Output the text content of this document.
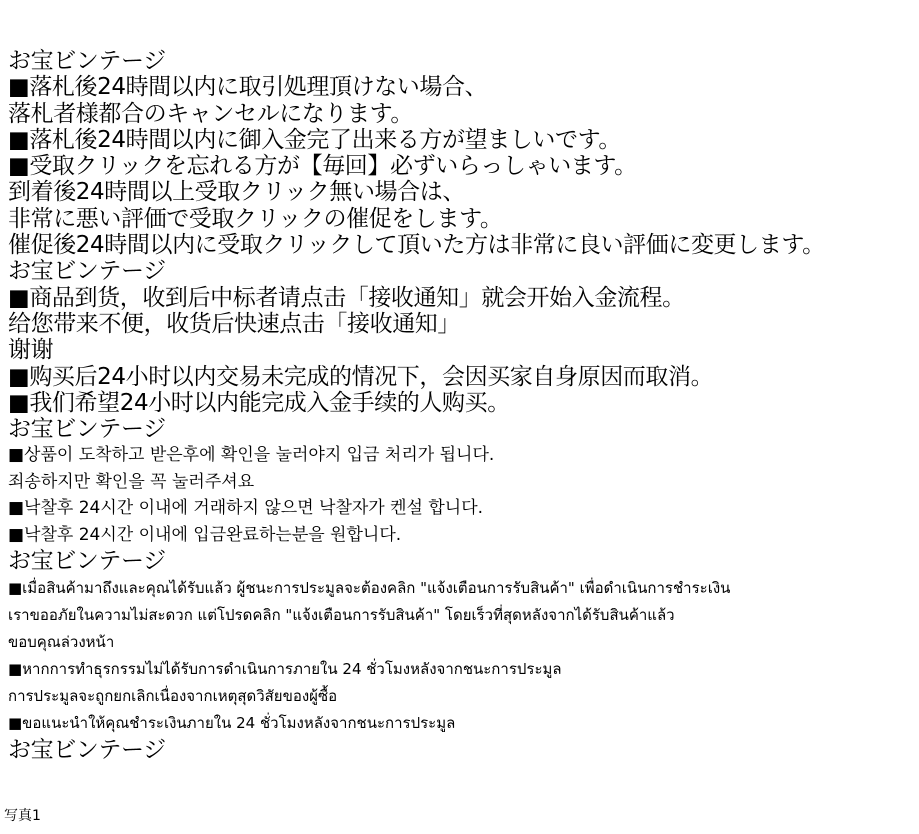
お宝ビンテージ
■落札後24時間以内に取引処理頂けない場合、
落札者様都合のキャンセルになります。
■落札後24時間以内に御入金完了出来る方が望ましいです。
■受取クリックを忘れる方が【毎回】必ずいらっしゃいます。
到着後24時間以上受取クリック無い場合は、
非常に悪い評価で受取クリックの催促をします。
催促後24時間以内に受取クリックして頂いた方は非常に良い評価に変更します。
お宝ビンテージ
■商品到货，收到后中标者请点击「接收通知」就会开始入金流程。
给您带来不便，收货后快速点击「接收通知」
谢谢
■购买后24小时以内交易未完成的情况下，会因买家自身原因而取消。
■我们希望24小时以内能完成入金手续的人购买。
お宝ビンテージ
■상품이 도착하고 받은후에 확인을 눌러야지 입금 처리가 됩니다.
죄송하지만 확인을 꼭 눌러주셔요
■낙찰후 24시간 이내에 거래하지 않으면 낙찰자가 켄설 합니다.
■낙찰후 24시간 이내에 입금완료하는분을 원합니다.
お宝ビンテージ
■เมื่อสินค้ามาถึงและคุณได้รับแล้ว ผู้ชนะการประมูลจะต้องคลิก "แจ้งเตือนการรับสินค้า" เพื่อดำเนินการชำระเงิน
เราขออภัยในความไม่สะดวก แต่โปรดคลิก "แจ้งเตือนการรับสินค้า" โดยเร็วที่สุดหลังจากได้รับสินค้าแล้ว
ขอบคุณล่วงหน้า
■หากการทำธุรกรรมไม่ได้รับการดำเนินการภายใน 24 ชั่วโมงหลังจากชนะการประมูล
การประมูลจะถูกยกเลิกเนื่องจากเหตุสุดวิสัยของผู้ซื้อ
■ขอแนะนำให้คุณชำระเงินภายใน 24 ชั่วโมงหลังจากชนะการประมูล
お宝ビンテージ
写真1
